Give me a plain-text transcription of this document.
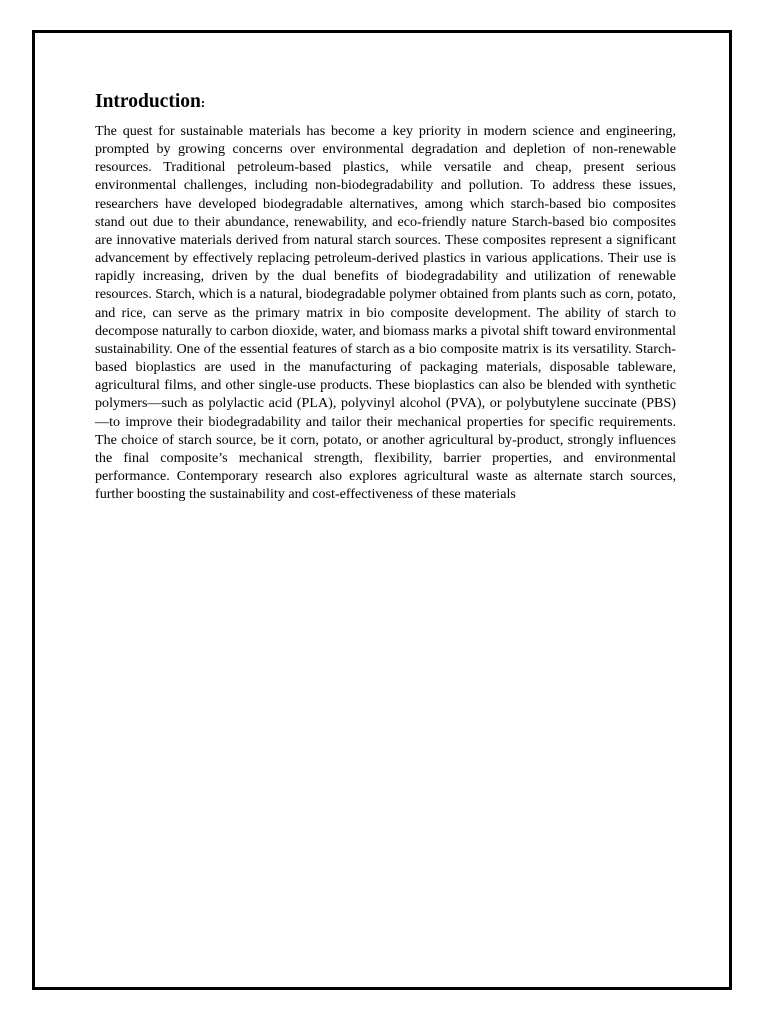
Introduction:

The quest for sustainable materials has become a key priority in modern science and engineering, prompted by growing concerns over environmental degradation and depletion of non-renewable resources. Traditional petroleum-based plastics, while versatile and cheap, present serious environmental challenges, including non-biodegradability and pollution. To address these issues, researchers have developed biodegradable alternatives, among which starch-based bio composites stand out due to their abundance, renewability, and eco-friendly nature Starch-based bio composites are innovative materials derived from natural starch sources. These composites represent a significant advancement by effectively replacing petroleum-derived plastics in various applications. Their use is rapidly increasing, driven by the dual benefits of biodegradability and utilization of renewable resources. Starch, which is a natural, biodegradable polymer obtained from plants such as corn, potato, and rice, can serve as the primary matrix in bio composite development. The ability of starch to decompose naturally to carbon dioxide, water, and biomass marks a pivotal shift toward environmental sustainability. One of the essential features of starch as a bio composite matrix is its versatility. Starch-based bioplastics are used in the manufacturing of packaging materials, disposable tableware, agricultural films, and other single-use products. These bioplastics can also be blended with synthetic polymers—such as polylactic acid (PLA), polyvinyl alcohol (PVA), or polybutylene succinate (PBS)—to improve their biodegradability and tailor their mechanical properties for specific requirements. The choice of starch source, be it corn, potato, or another agricultural by-product, strongly influences the final composite’s mechanical strength, flexibility, barrier properties, and environmental performance. Contemporary research also explores agricultural waste as alternate starch sources, further boosting the sustainability and cost-effectiveness of these materials
